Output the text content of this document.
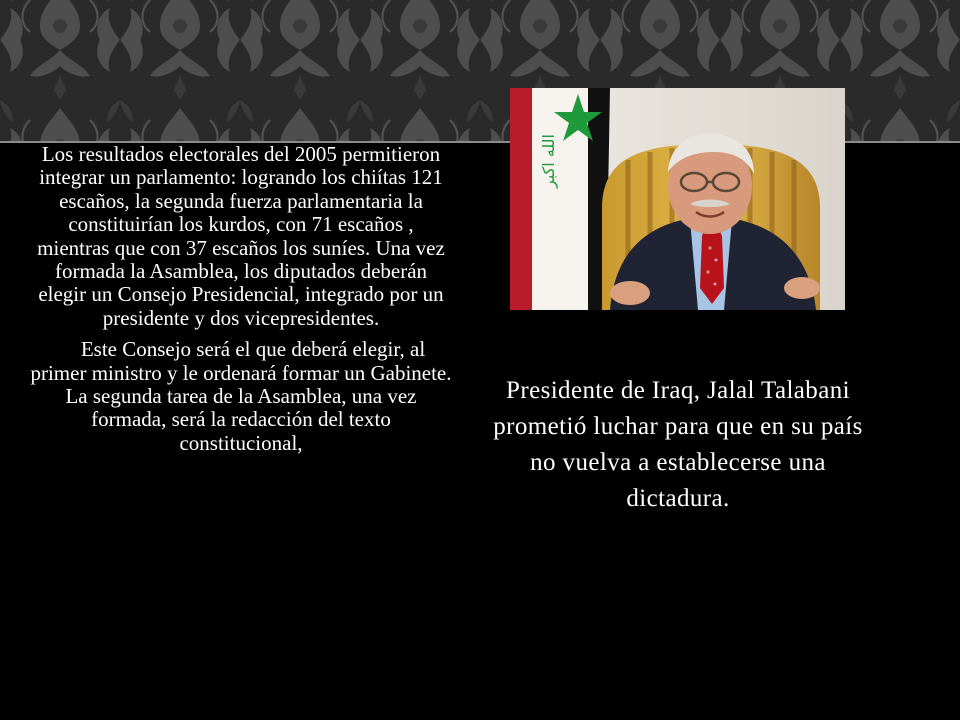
Los resultados electorales del 2005 permitieron integrar un parlamento: logrando los chiítas 121 escaños, la segunda fuerza parlamentaria la constituirían los kurdos, con 71 escaños , mientras que con 37 escaños los suníes. Una vez formada la Asamblea, los diputados deberán elegir un Consejo Presidencial, integrado por un presidente y dos vicepresidentes.

Este Consejo será el que deberá elegir, al primer ministro y le ordenará formar un Gabinete. La segunda tarea de la Asamblea, una vez formada, será la redacción del texto constitucional,

الله اكبر

Presidente de Iraq, Jalal Talabani prometió luchar para que en su país no vuelva a establecerse una dictadura.
